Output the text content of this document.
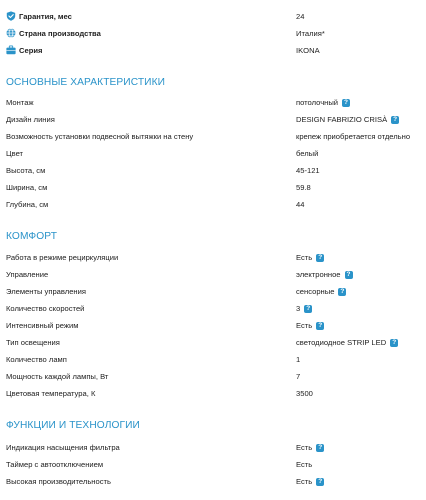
Гарантия, мес	24
Страна производства	Италия*
Серия	IKONA
ОСНОВНЫЕ ХАРАКТЕРИСТИКИ
Монтаж	потолочный ?
Дизайн линия	DESIGN FABRIZIO CRISÀ ?
Возможность установки подвесной вытяжки на стену	крепеж приобретается отдельно
Цвет	белый
Высота, см	45-121
Ширина, см	59.8
Глубина, см	44
КОМФОРТ
Работа в режиме рециркуляции	Есть ?
Управление	электронное ?
Элементы управления	сенсорные ?
Количество скоростей	3 ?
Интенсивный режим	Есть ?
Тип освещения	светодиодное STRIP LED ?
Количество ламп	1
Мощность каждой лампы, Вт	7
Цветовая температура, К	3500
ФУНКЦИИ И ТЕХНОЛОГИИ
Индикация насыщения фильтра	Есть ?
Таймер с автоотключением	Есть
Высокая производительность	Есть ?
